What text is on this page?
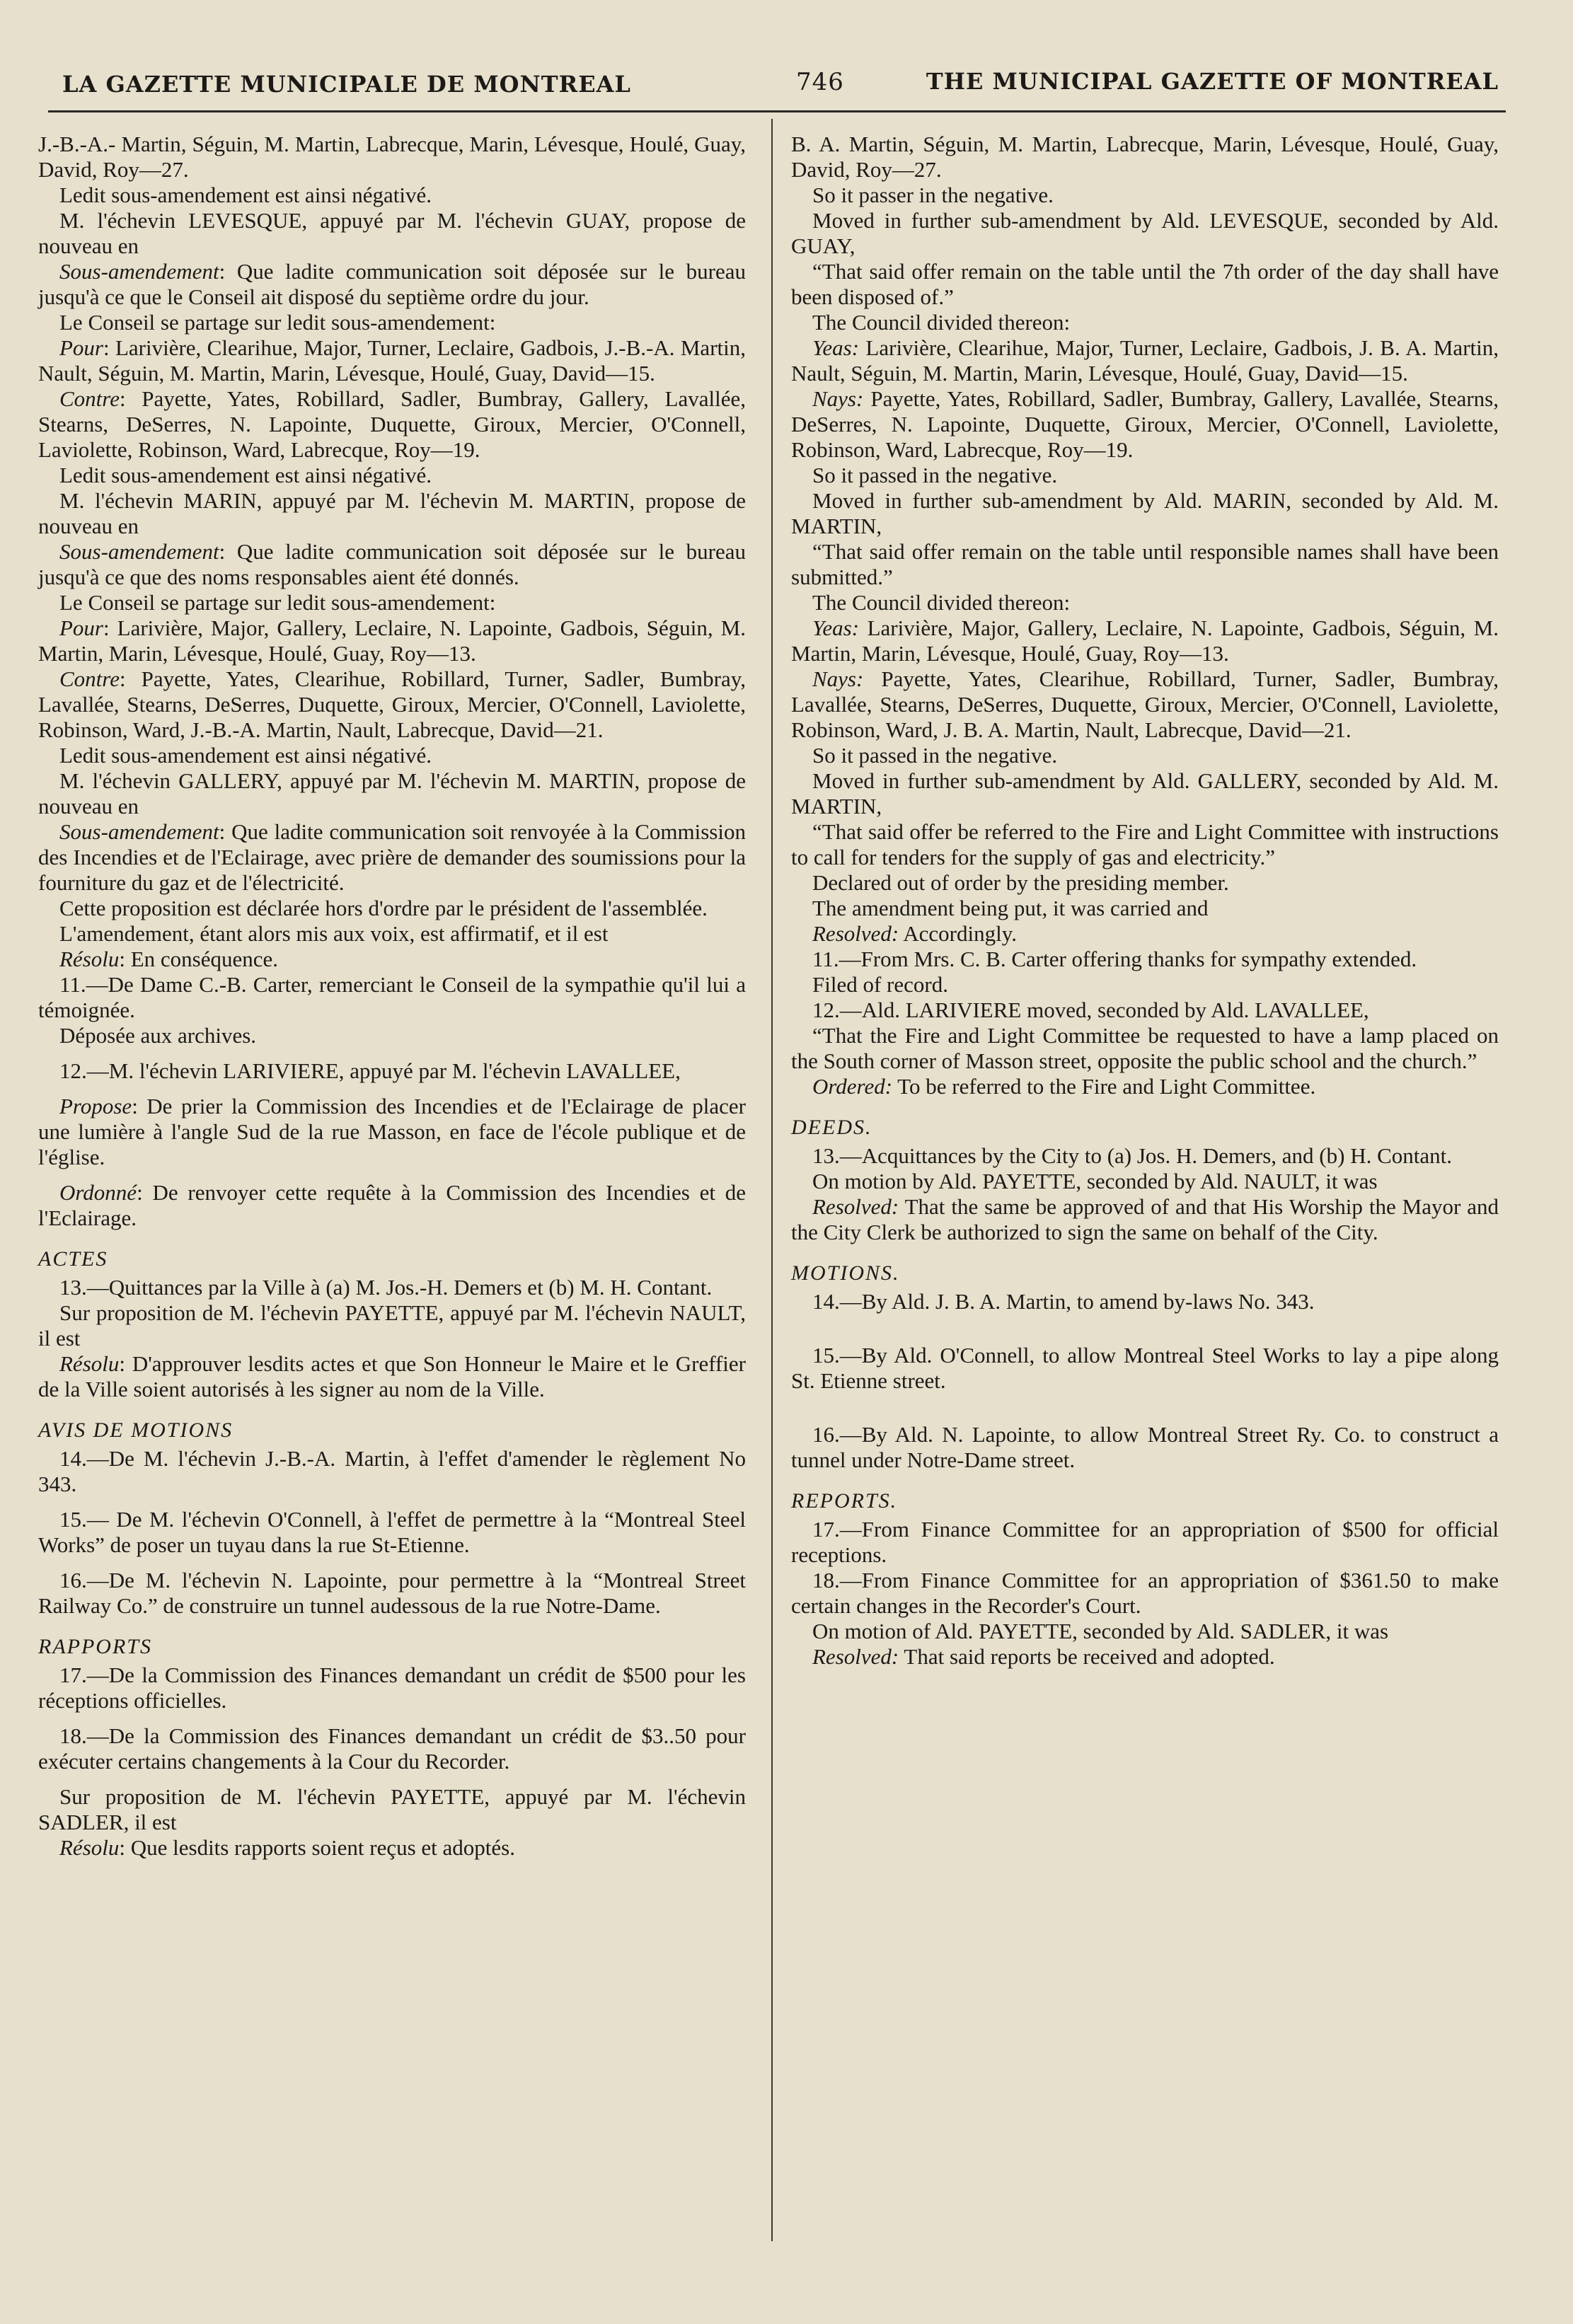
LA GAZETTE MUNICIPALE DE MONTREAL	746	THE MUNICIPAL GAZETTE OF MONTREAL

J.-B.-A.- Martin, Séguin, M. Martin, Labrecque, Marin, Lévesque, Houlé, Guay, David, Roy—27.

Ledit sous-amendement est ainsi négativé.

M. l'échevin LEVESQUE, appuyé par M. l'échevin GUAY, propose de nouveau en

Sous-amendement: Que ladite communication soit déposée sur le bureau jusqu'à ce que le Conseil ait disposé du septième ordre du jour.

Le Conseil se partage sur ledit sous-amendement:

Pour: Larivière, Clearihue, Major, Turner, Leclaire, Gadbois, J.-B.-A. Martin, Nault, Séguin, M. Martin, Marin, Lévesque, Houlé, Guay, David—15.

Contre: Payette, Yates, Robillard, Sadler, Bumbray, Gallery, Lavallée, Stearns, DeSerres, N. Lapointe, Duquette, Giroux, Mercier, O'Connell, Laviolette, Robinson, Ward, Labrecque, Roy—19.

Ledit sous-amendement est ainsi négativé.

M. l'échevin MARIN, appuyé par M. l'échevin M. MARTIN, propose de nouveau en

Sous-amendement: Que ladite communication soit déposée sur le bureau jusqu'à ce que des noms responsables aient été donnés.

Le Conseil se partage sur ledit sous-amendement:

Pour: Larivière, Major, Gallery, Leclaire, N. Lapointe, Gadbois, Séguin, M. Martin, Marin, Lévesque, Houlé, Guay, Roy—13.

Contre: Payette, Yates, Clearihue, Robillard, Turner, Sadler, Bumbray, Lavallée, Stearns, DeSerres, Duquette, Giroux, Mercier, O'Connell, Laviolette, Robinson, Ward, J.-B.-A. Martin, Nault, Labrecque, David—21.

Ledit sous-amendement est ainsi négativé.

M. l'échevin GALLERY, appuyé par M. l'échevin M. MARTIN, propose de nouveau en

Sous-amendement: Que ladite communication soit renvoyée à la Commission des Incendies et de l'Eclairage, avec prière de demander des soumissions pour la fourniture du gaz et de l'électricité.

Cette proposition est déclarée hors d'ordre par le président de l'assemblée.

L'amendement, étant alors mis aux voix, est affirmatif, et il est

Résolu: En conséquence.

11.—De Dame C.-B. Carter, remerciant le Conseil de la sympathie qu'il lui a témoignée.

Déposée aux archives.

12.—M. l'échevin LARIVIERE, appuyé par M. l'échevin LAVALLEE,

Propose: De prier la Commission des Incendies et de l'Eclairage de placer une lumière à l'angle Sud de la rue Masson, en face de l'école publique et de l'église.

Ordonné: De renvoyer cette requête à la Commission des Incendies et de l'Eclairage.

ACTES

13.—Quittances par la Ville à (a) M. Jos.-H. Demers et (b) M. H. Contant.

Sur proposition de M. l'échevin PAYETTE, appuyé par M. l'échevin NAULT, il est

Résolu: D'approuver lesdits actes et que Son Honneur le Maire et le Greffier de la Ville soient autorisés à les signer au nom de la Ville.

AVIS DE MOTIONS

14.—De M. l'échevin J.-B.-A. Martin, à l'effet d'amender le règlement No 343.

15.— De M. l'échevin O'Connell, à l'effet de permettre à la “Montreal Steel Works” de poser un tuyau dans la rue St-Etienne.

16.—De M. l'échevin N. Lapointe, pour permettre à la “Montreal Street Railway Co.” de construire un tunnel audessous de la rue Notre-Dame.

RAPPORTS

17.—De la Commission des Finances demandant un crédit de $500 pour les réceptions officielles.

18.—De la Commission des Finances demandant un crédit de $3..50 pour exécuter certains changements à la Cour du Recorder.

Sur proposition de M. l'échevin PAYETTE, appuyé par M. l'échevin SADLER, il est

Résolu: Que lesdits rapports soient reçus et adoptés.

B. A. Martin, Séguin, M. Martin, Labrecque, Marin, Lévesque, Houlé, Guay, David, Roy—27.

So it passer in the negative.

Moved in further sub-amendment by Ald. LEVESQUE, seconded by Ald. GUAY,

“That said offer remain on the table until the 7th order of the day shall have been disposed of.”

The Council divided thereon:

Yeas: Larivière, Clearihue, Major, Turner, Leclaire, Gadbois, J. B. A. Martin, Nault, Séguin, M. Martin, Marin, Lévesque, Houlé, Guay, David—15.

Nays: Payette, Yates, Robillard, Sadler, Bumbray, Gallery, Lavallée, Stearns, DeSerres, N. Lapointe, Duquette, Giroux, Mercier, O'Connell, Laviolette, Robinson, Ward, Labrecque, Roy—19.

So it passed in the negative.

Moved in further sub-amendment by Ald. MARIN, seconded by Ald. M. MARTIN,

“That said offer remain on the table until responsible names shall have been submitted.”

The Council divided thereon:

Yeas: Larivière, Major, Gallery, Leclaire, N. Lapointe, Gadbois, Séguin, M. Martin, Marin, Lévesque, Houlé, Guay, Roy—13.

Nays: Payette, Yates, Clearihue, Robillard, Turner, Sadler, Bumbray, Lavallée, Stearns, DeSerres, Duquette, Giroux, Mercier, O'Connell, Laviolette, Robinson, Ward, J. B. A. Martin, Nault, Labrecque, David—21.

So it passed in the negative.

Moved in further sub-amendment by Ald. GALLERY, seconded by Ald. M. MARTIN,

“That said offer be referred to the Fire and Light Committee with instructions to call for tenders for the supply of gas and electricity.”

Declared out of order by the presiding member.

The amendment being put, it was carried and

Resolved: Accordingly.

11.—From Mrs. C. B. Carter offering thanks for sympathy extended.

Filed of record.

12.—Ald. LARIVIERE moved, seconded by Ald. LAVALLEE,

“That the Fire and Light Committee be requested to have a lamp placed on the South corner of Masson street, opposite the public school and the church.”

Ordered: To be referred to the Fire and Light Committee.

DEEDS.

13.—Acquittances by the City to (a) Jos. H. Demers, and (b) H. Contant.

On motion by Ald. PAYETTE, seconded by Ald. NAULT, it was

Resolved: That the same be approved of and that His Worship the Mayor and the City Clerk be authorized to sign the same on behalf of the City.

MOTIONS.

14.—By Ald. J. B. A. Martin, to amend by-laws No. 343.

15.—By Ald. O'Connell, to allow Montreal Steel Works to lay a pipe along St. Etienne street.

16.—By Ald. N. Lapointe, to allow Montreal Street Ry. Co. to construct a tunnel under Notre-Dame street.

REPORTS.

17.—From Finance Committee for an appropriation of $500 for official receptions.

18.—From Finance Committee for an appropriation of $361.50 to make certain changes in the Recorder's Court.

On motion of Ald. PAYETTE, seconded by Ald. SADLER, it was

Resolved: That said reports be received and adopted.
